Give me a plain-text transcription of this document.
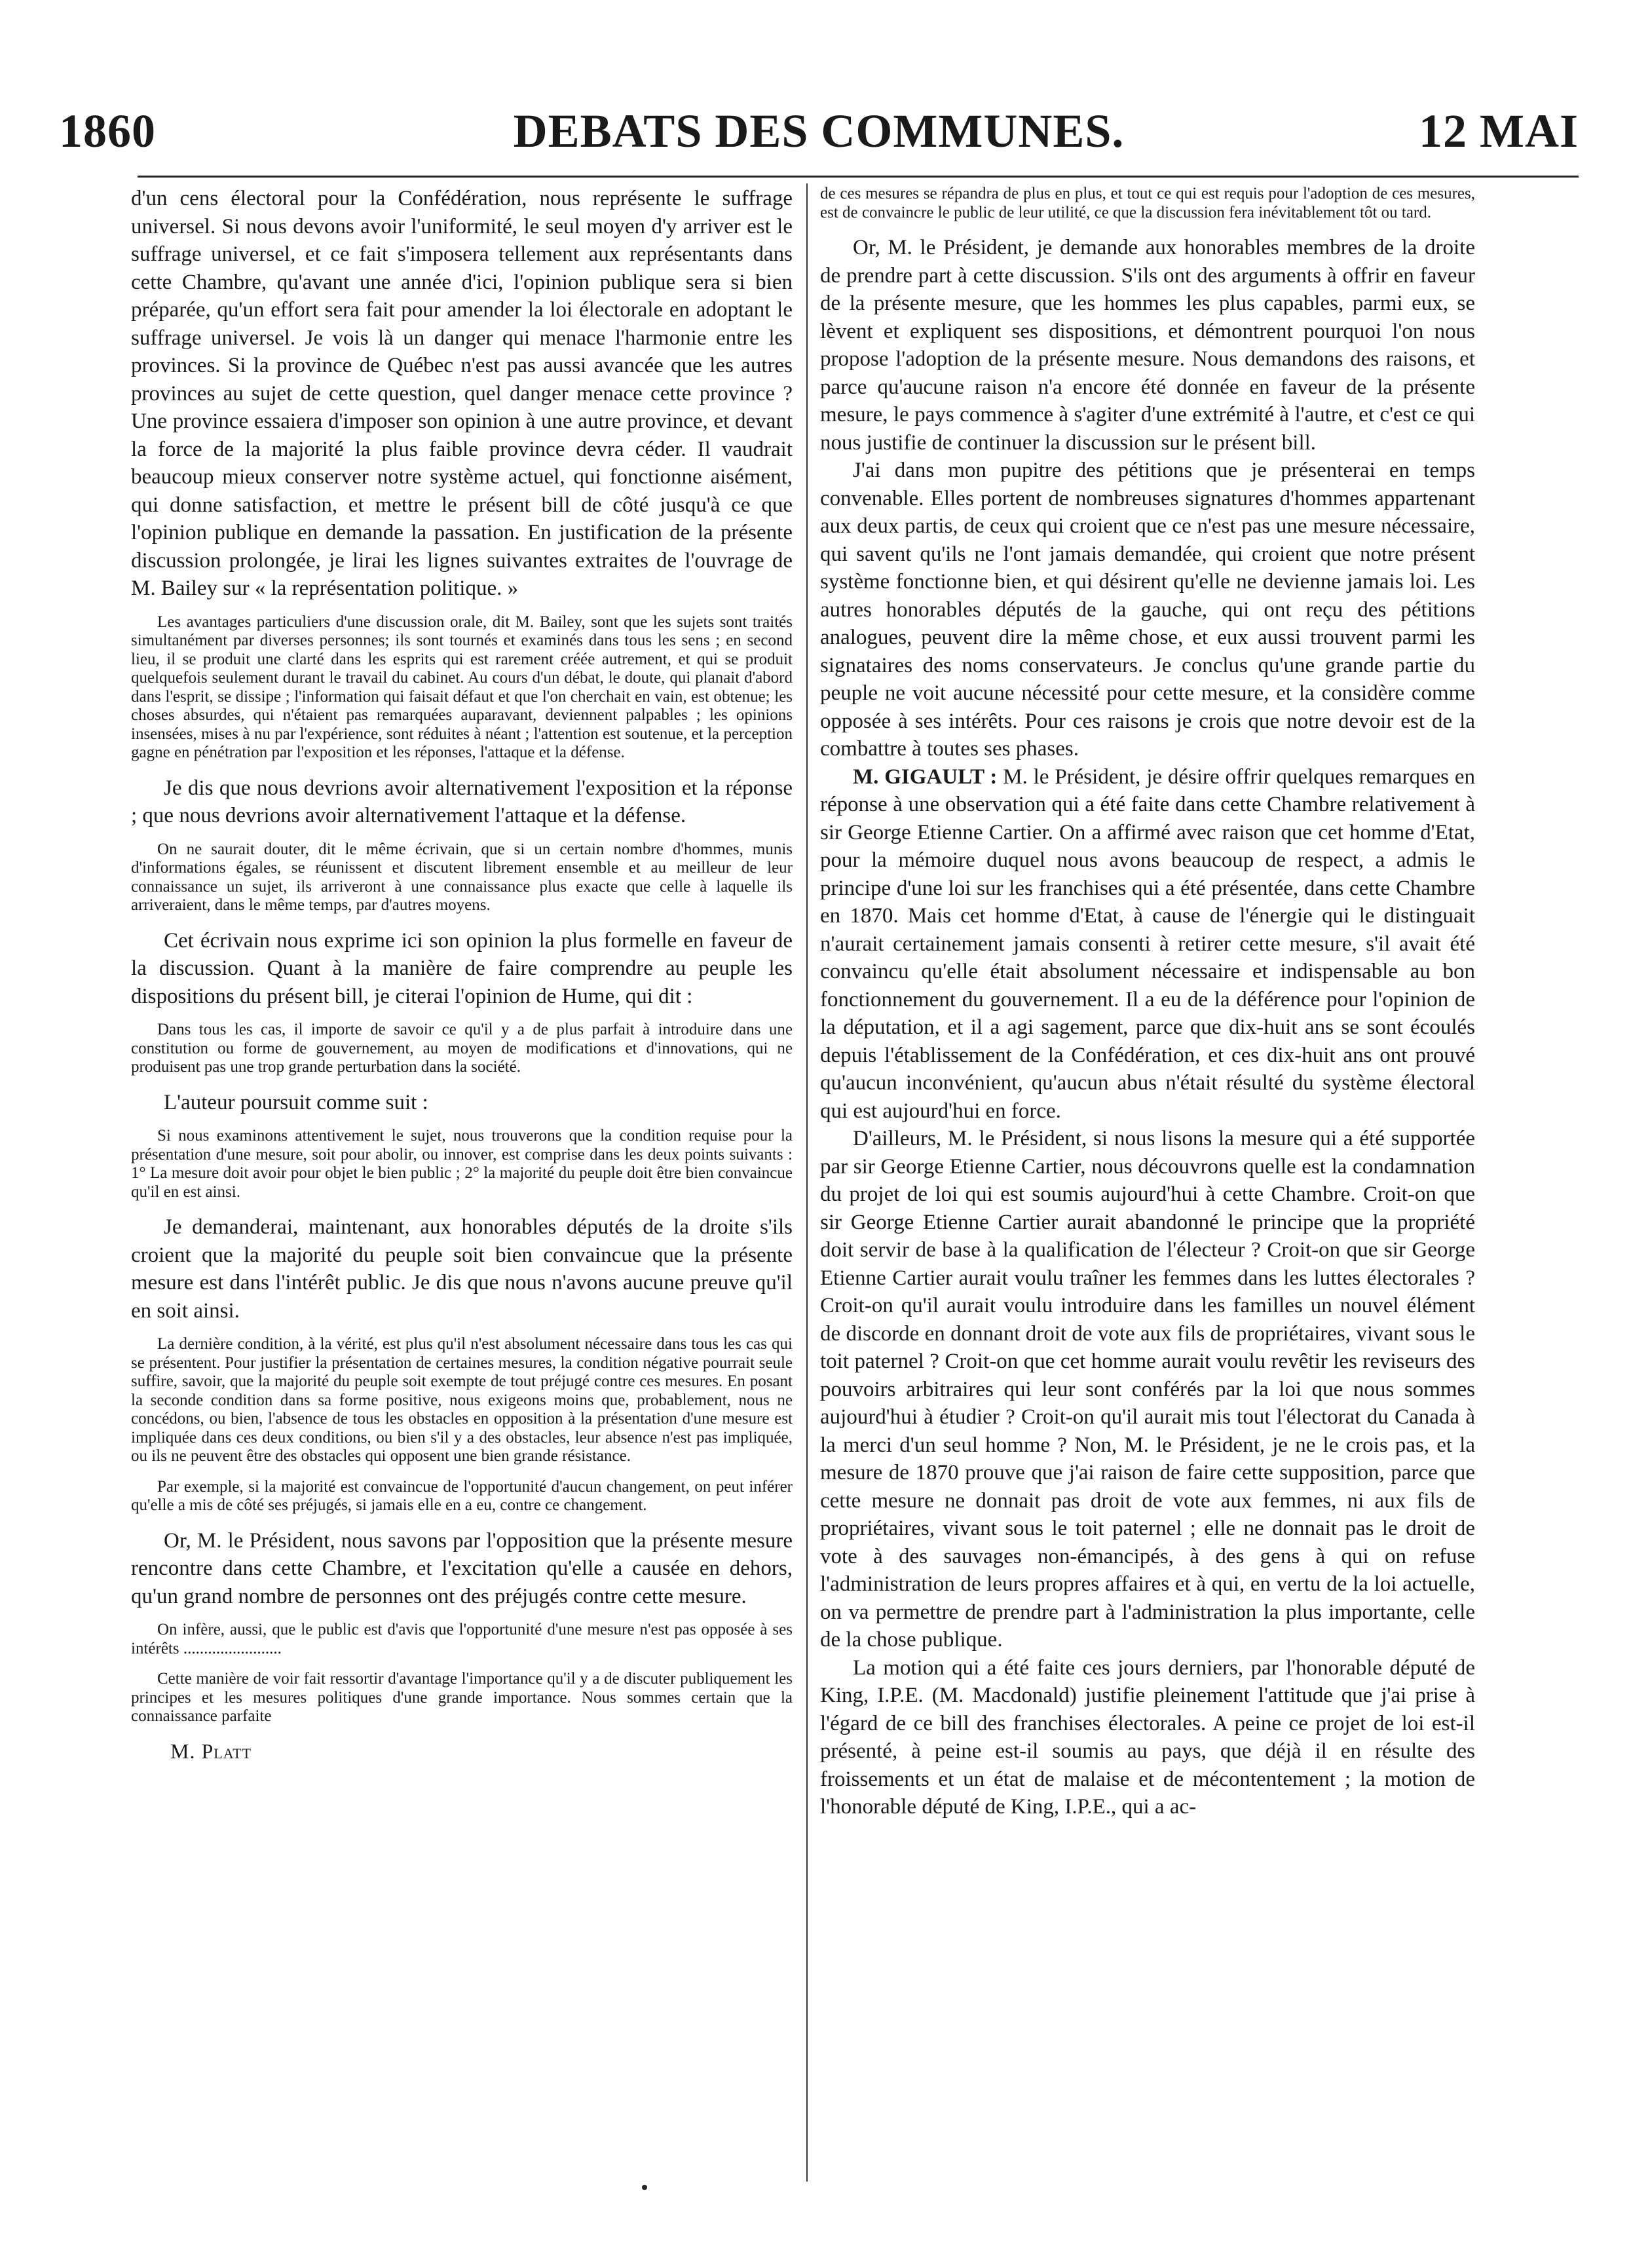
1860	DEBATS DES COMMUNES.	12 MAI

d'un cens électoral pour la Confédération, nous représente le suffrage universel. Si nous devons avoir l'uniformité, le seul moyen d'y arriver est le suffrage universel, et ce fait s'imposera tellement aux représentants dans cette Chambre, qu'avant une année d'ici, l'opinion publique sera si bien préparée, qu'un effort sera fait pour amender la loi électorale en adoptant le suffrage universel. Je vois là un danger qui menace l'harmonie entre les provinces. Si la province de Québec n'est pas aussi avancée que les autres provinces au sujet de cette question, quel danger menace cette province ? Une province essaiera d'imposer son opinion à une autre province, et devant la force de la majorité la plus faible province devra céder. Il vaudrait beaucoup mieux conserver notre système actuel, qui fonctionne aisément, qui donne satisfaction, et mettre le présent bill de côté jusqu'à ce que l'opinion publique en demande la passation. En justification de la présente discussion prolongée, je lirai les lignes suivantes extraites de l'ouvrage de M. Bailey sur « la représentation politique. »

Les avantages particuliers d'une discussion orale, dit M. Bailey, sont que les sujets sont traités simultanément par diverses personnes; ils sont tournés et examinés dans tous les sens ; en second lieu, il se produit une clarté dans les esprits qui est rarement créée autrement, et qui se produit quelquefois seulement durant le travail du cabinet. Au cours d'un débat, le doute, qui planait d'abord dans l'esprit, se dissipe ; l'information qui faisait défaut et que l'on cherchait en vain, est obtenue; les choses absurdes, qui n'étaient pas remarquées auparavant, deviennent palpables ; les opinions insensées, mises à nu par l'expérience, sont réduites à néant ; l'attention est soutenue, et la perception gagne en pénétration par l'exposition et les réponses, l'attaque et la défense.

Je dis que nous devrions avoir alternativement l'exposition et la réponse ; que nous devrions avoir alternativement l'attaque et la défense.

On ne saurait douter, dit le même écrivain, que si un certain nombre d'hommes, munis d'informations égales, se réunissent et discutent librement ensemble et au meilleur de leur connaissance un sujet, ils arriveront à une connaissance plus exacte que celle à laquelle ils arriveraient, dans le même temps, par d'autres moyens.

Cet écrivain nous exprime ici son opinion la plus formelle en faveur de la discussion. Quant à la manière de faire comprendre au peuple les dispositions du présent bill, je citerai l'opinion de Hume, qui dit :

Dans tous les cas, il importe de savoir ce qu'il y a de plus parfait à introduire dans une constitution ou forme de gouvernement, au moyen de modifications et d'innovations, qui ne produisent pas une trop grande perturbation dans la société.

L'auteur poursuit comme suit :

Si nous examinons attentivement le sujet, nous trouverons que la condition requise pour la présentation d'une mesure, soit pour abolir, ou innover, est comprise dans les deux points suivants : 1° La mesure doit avoir pour objet le bien public ; 2° la majorité du peuple doit être bien convaincue qu'il en est ainsi.

Je demanderai, maintenant, aux honorables députés de la droite s'ils croient que la majorité du peuple soit bien convaincue que la présente mesure est dans l'intérêt public. Je dis que nous n'avons aucune preuve qu'il en soit ainsi.

La dernière condition, à la vérité, est plus qu'il n'est absolument nécessaire dans tous les cas qui se présentent. Pour justifier la présentation de certaines mesures, la condition négative pourrait seule suffire, savoir, que la majorité du peuple soit exempte de tout préjugé contre ces mesures. En posant la seconde condition dans sa forme positive, nous exigeons moins que, probablement, nous ne concédons, ou bien, l'absence de tous les obstacles en opposition à la présentation d'une mesure est impliquée dans ces deux conditions, ou bien s'il y a des obstacles, leur absence n'est pas impliquée, ou ils ne peuvent être des obstacles qui opposent une bien grande résistance.

Par exemple, si la majorité est convaincue de l'opportunité d'aucun changement, on peut inférer qu'elle a mis de côté ses préjugés, si jamais elle en a eu, contre ce changement.

Or, M. le Président, nous savons par l'opposition que la présente mesure rencontre dans cette Chambre, et l'excitation qu'elle a causée en dehors, qu'un grand nombre de personnes ont des préjugés contre cette mesure.

On infère, aussi, que le public est d'avis que l'opportunité d'une mesure n'est pas opposée à ses intérêts ........................

Cette manière de voir fait ressortir d'avantage l'importance qu'il y a de discuter publiquement les principes et les mesures politiques d'une grande importance. Nous sommes certain que la connaissance parfaite

M. Platt

de ces mesures se répandra de plus en plus, et tout ce qui est requis pour l'adoption de ces mesures, est de convaincre le public de leur utilité, ce que la discussion fera inévitablement tôt ou tard.

Or, M. le Président, je demande aux honorables membres de la droite de prendre part à cette discussion. S'ils ont des arguments à offrir en faveur de la présente mesure, que les hommes les plus capables, parmi eux, se lèvent et expliquent ses dispositions, et démontrent pourquoi l'on nous propose l'adoption de la présente mesure. Nous demandons des raisons, et parce qu'aucune raison n'a encore été donnée en faveur de la présente mesure, le pays commence à s'agiter d'une extrémité à l'autre, et c'est ce qui nous justifie de continuer la discussion sur le présent bill.

J'ai dans mon pupitre des pétitions que je présenterai en temps convenable. Elles portent de nombreuses signatures d'hommes appartenant aux deux partis, de ceux qui croient que ce n'est pas une mesure nécessaire, qui savent qu'ils ne l'ont jamais demandée, qui croient que notre présent système fonctionne bien, et qui désirent qu'elle ne devienne jamais loi. Les autres honorables députés de la gauche, qui ont reçu des pétitions analogues, peuvent dire la même chose, et eux aussi trouvent parmi les signataires des noms conservateurs. Je conclus qu'une grande partie du peuple ne voit aucune nécessité pour cette mesure, et la considère comme opposée à ses intérêts. Pour ces raisons je crois que notre devoir est de la combattre à toutes ses phases.

M. GIGAULT : M. le Président, je désire offrir quelques remarques en réponse à une observation qui a été faite dans cette Chambre relativement à sir George Etienne Cartier. On a affirmé avec raison que cet homme d'Etat, pour la mémoire duquel nous avons beaucoup de respect, a admis le principe d'une loi sur les franchises qui a été présentée, dans cette Chambre en 1870. Mais cet homme d'Etat, à cause de l'énergie qui le distinguait n'aurait certainement jamais consenti à retirer cette mesure, s'il avait été convaincu qu'elle était absolument nécessaire et indispensable au bon fonctionnement du gouvernement. Il a eu de la déférence pour l'opinion de la députation, et il a agi sagement, parce que dix-huit ans se sont écoulés depuis l'établissement de la Confédération, et ces dix-huit ans ont prouvé qu'aucun inconvénient, qu'aucun abus n'était résulté du système électoral qui est aujourd'hui en force.

D'ailleurs, M. le Président, si nous lisons la mesure qui a été supportée par sir George Etienne Cartier, nous découvrons quelle est la condamnation du projet de loi qui est soumis aujourd'hui à cette Chambre. Croit-on que sir George Etienne Cartier aurait abandonné le principe que la propriété doit servir de base à la qualification de l'électeur ? Croit-on que sir George Etienne Cartier aurait voulu traîner les femmes dans les luttes électorales ? Croit-on qu'il aurait voulu introduire dans les familles un nouvel élément de discorde en donnant droit de vote aux fils de propriétaires, vivant sous le toit paternel ? Croit-on que cet homme aurait voulu revêtir les reviseurs des pouvoirs arbitraires qui leur sont conférés par la loi que nous sommes aujourd'hui à étudier ? Croit-on qu'il aurait mis tout l'électorat du Canada à la merci d'un seul homme ? Non, M. le Président, je ne le crois pas, et la mesure de 1870 prouve que j'ai raison de faire cette supposition, parce que cette mesure ne donnait pas droit de vote aux femmes, ni aux fils de propriétaires, vivant sous le toit paternel ; elle ne donnait pas le droit de vote à des sauvages non-émancipés, à des gens à qui on refuse l'administration de leurs propres affaires et à qui, en vertu de la loi actuelle, on va permettre de prendre part à l'administration la plus importante, celle de la chose publique.

La motion qui a été faite ces jours derniers, par l'honorable député de King, I.P.E. (M. Macdonald) justifie pleinement l'attitude que j'ai prise à l'égard de ce bill des franchises électorales. A peine ce projet de loi est-il présenté, à peine est-il soumis au pays, que déjà il en résulte des froissements et un état de malaise et de mécontentement ; la motion de l'honorable député de King, I.P.E., qui a ac-
